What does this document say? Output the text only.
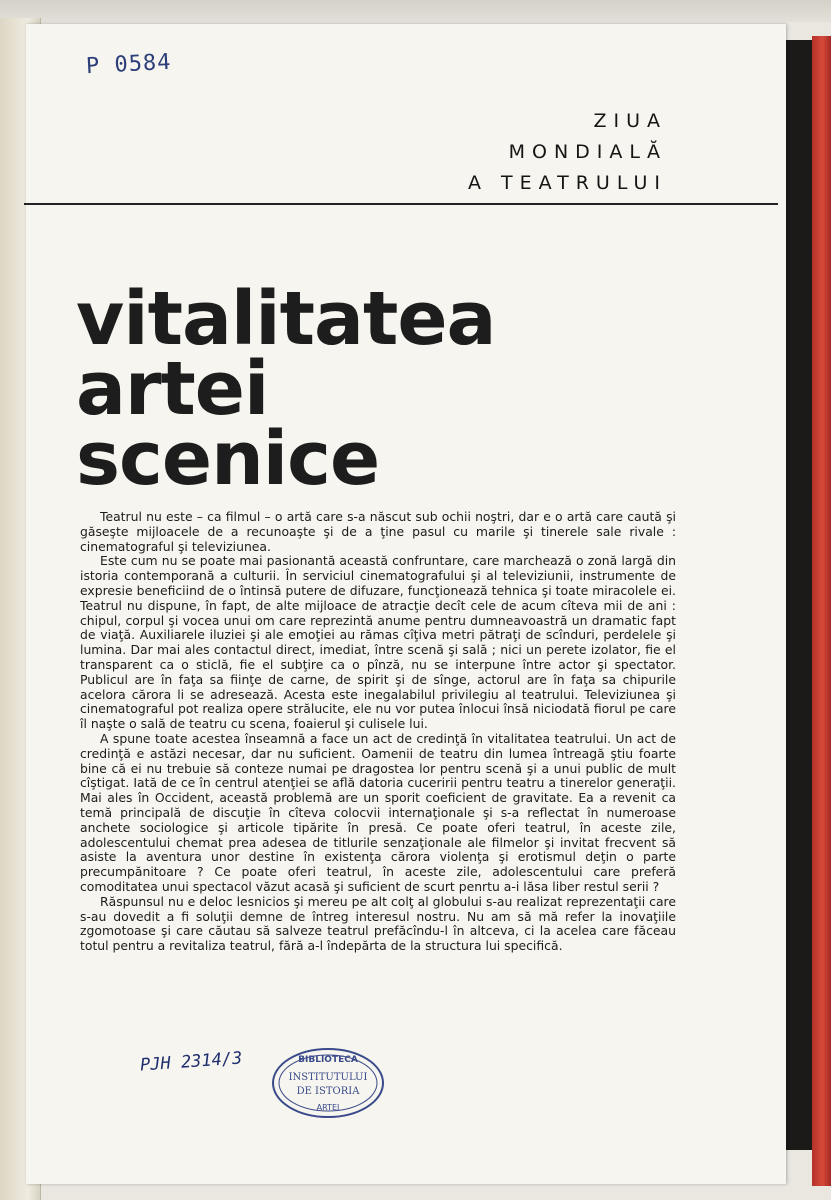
P 0584
ZIUA
MONDIALĂ
A TEATRULUI
vitalitatea
artei
scenice

Teatrul nu este – ca filmul – o artă care s-a născut sub ochii noştri, dar e o artă care caută şi găseşte mijloacele de a recunoaşte şi de a ţine pasul cu marile şi tinerele sale rivale : cinematograful şi televiziunea.

Este cum nu se poate mai pasionantă această confruntare, care marchează o zonă largă din istoria contemporană a culturii. În serviciul cinematografului şi al televiziunii, instrumente de expresie beneficiind de o întinsă putere de difuzare, funcţionează tehnica şi toate miracolele ei. Teatrul nu dispune, în fapt, de alte mijloace de atracţie decît cele de acum cîteva mii de ani : chipul, corpul şi vocea unui om care reprezintă anume pentru dumneavoastră un dramatic fapt de viaţă. Auxiliarele iluziei şi ale emoţiei au rămas cîţiva metri pătraţi de scînduri, perdelele şi lumina. Dar mai ales contactul direct, imediat, între scenă şi sală ; nici un perete izolator, fie el transparent ca o sticlă, fie el subţire ca o pînză, nu se interpune între actor şi spectator. Publicul are în faţa sa fiinţe de carne, de spirit şi de sînge, actorul are în faţa sa chipurile acelora cărora li se adresează. Acesta este inegalabilul privilegiu al teatrului. Televiziunea şi cinematograful pot realiza opere strălucite, ele nu vor putea înlocui însă niciodată fiorul pe care îl naşte o sală de teatru cu scena, foaierul şi culisele lui.

A spune toate acestea înseamnă a face un act de credinţă în vitalitatea teatrului. Un act de credinţă e astăzi necesar, dar nu suficient. Oamenii de teatru din lumea întreagă ştiu foarte bine că ei nu trebuie să conteze numai pe dragostea lor pentru scenă şi a unui public de mult cîştigat. Iată de ce în centrul atenţiei se află datoria cuceririi pentru teatru a tinerelor generaţii. Mai ales în Occident, această problemă are un sporit coeficient de gravitate. Ea a revenit ca temă principală de discuţie în cîteva colocvii internaţionale şi s-a reflectat în numeroase anchete sociologice şi articole tipărite în presă. Ce poate oferi teatrul, în aceste zile, adolescentului chemat prea adesea de titlurile senzaţionale ale filmelor şi invitat frecvent să asiste la aventura unor destine în existenţa cărora violenţa şi erotismul deţin o parte precumpănitoare ? Ce poate oferi teatrul, în aceste zile, adolescentului care preferă comoditatea unui spectacol văzut acasă şi suficient de scurt penrtu a-i lăsa liber restul serii ?

Răspunsul nu e deloc lesnicios şi mereu pe alt colţ al globului s-au realizat reprezentaţii care s-au dovedit a fi soluţii demne de întreg interesul nostru. Nu am să mă refer la inovaţiile zgomotoase şi care căutau să salveze teatrul prefăcîndu-l în altceva, ci la acelea care făceau totul pentru a revitaliza teatrul, fără a-l îndepărta de la structura lui specifică.

PJH 2314/3	BIBLIOTECA
INSTITUTULUI
DE ISTORIA
ARTEI
